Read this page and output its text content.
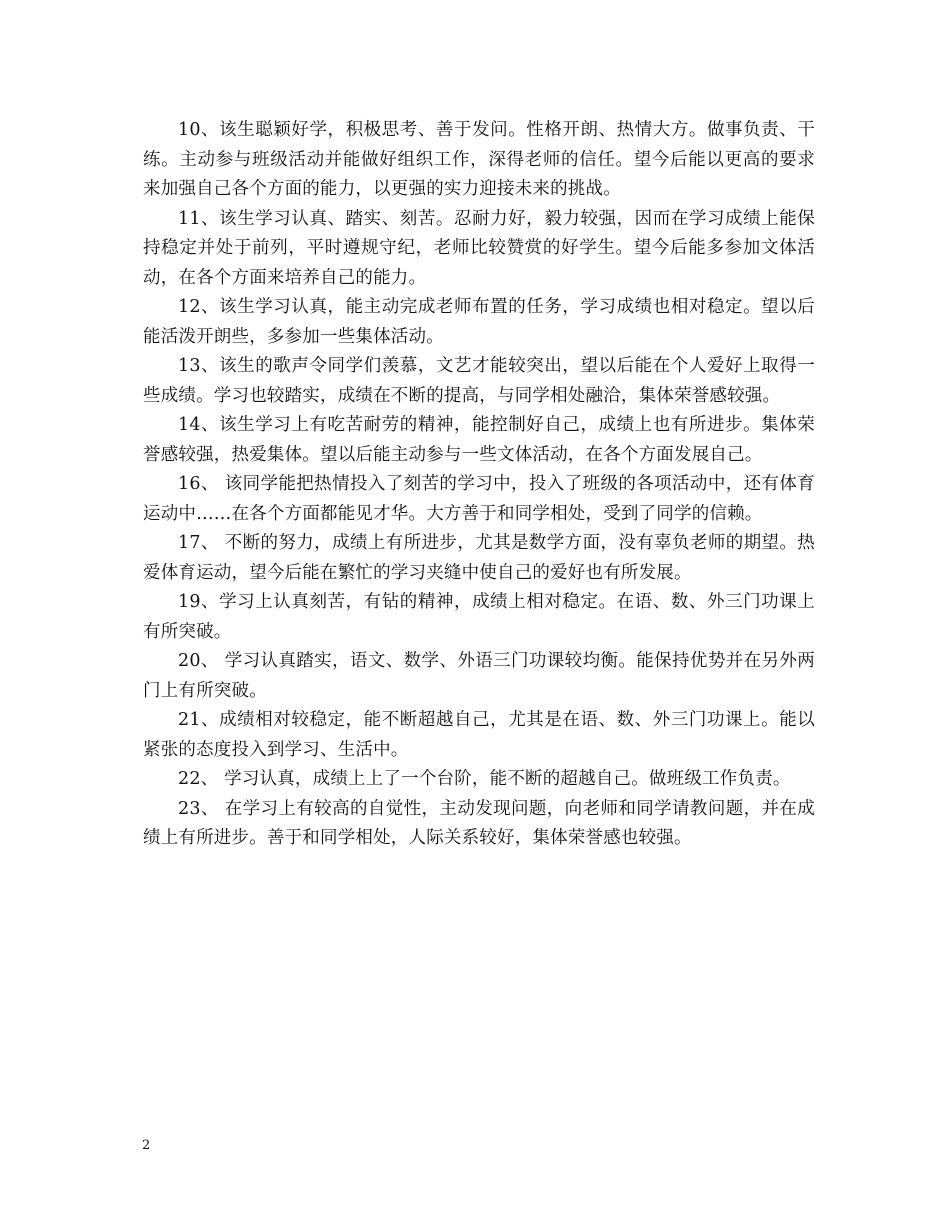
10、该生聪颖好学，积极思考、善于发问。性格开朗、热情大方。做事负责、干练。主动参与班级活动并能做好组织工作，深得老师的信任。望今后能以更高的要求来加强自己各个方面的能力，以更强的实力迎接未来的挑战。

11、该生学习认真、踏实、刻苦。忍耐力好，毅力较强，因而在学习成绩上能保持稳定并处于前列，平时遵规守纪，老师比较赞赏的好学生。望今后能多参加文体活动，在各个方面来培养自己的能力。

12、该生学习认真，能主动完成老师布置的任务，学习成绩也相对稳定。望以后能活泼开朗些，多参加一些集体活动。

13、该生的歌声令同学们羡慕，文艺才能较突出，望以后能在个人爱好上取得一些成绩。学习也较踏实，成绩在不断的提高，与同学相处融洽，集体荣誉感较强。

14、该生学习上有吃苦耐劳的精神，能控制好自己，成绩上也有所进步。集体荣誉感较强，热爱集体。望以后能主动参与一些文体活动，在各个方面发展自己。

16、 该同学能把热情投入了刻苦的学习中，投入了班级的各项活动中，还有体育运动中……在各个方面都能见才华。大方善于和同学相处，受到了同学的信赖。

17、 不断的努力，成绩上有所进步，尤其是数学方面，没有辜负老师的期望。热爱体育运动，望今后能在繁忙的学习夹缝中使自己的爱好也有所发展。

19、学习上认真刻苦，有钻的精神，成绩上相对稳定。在语、数、外三门功课上有所突破。

20、 学习认真踏实，语文、数学、外语三门功课较均衡。能保持优势并在另外两门上有所突破。

21、成绩相对较稳定，能不断超越自己，尤其是在语、数、外三门功课上。能以紧张的态度投入到学习、生活中。

22、 学习认真，成绩上上了一个台阶，能不断的超越自己。做班级工作负责。

23、 在学习上有较高的自觉性，主动发现问题，向老师和同学请教问题，并在成绩上有所进步。善于和同学相处，人际关系较好，集体荣誉感也较强。

2
